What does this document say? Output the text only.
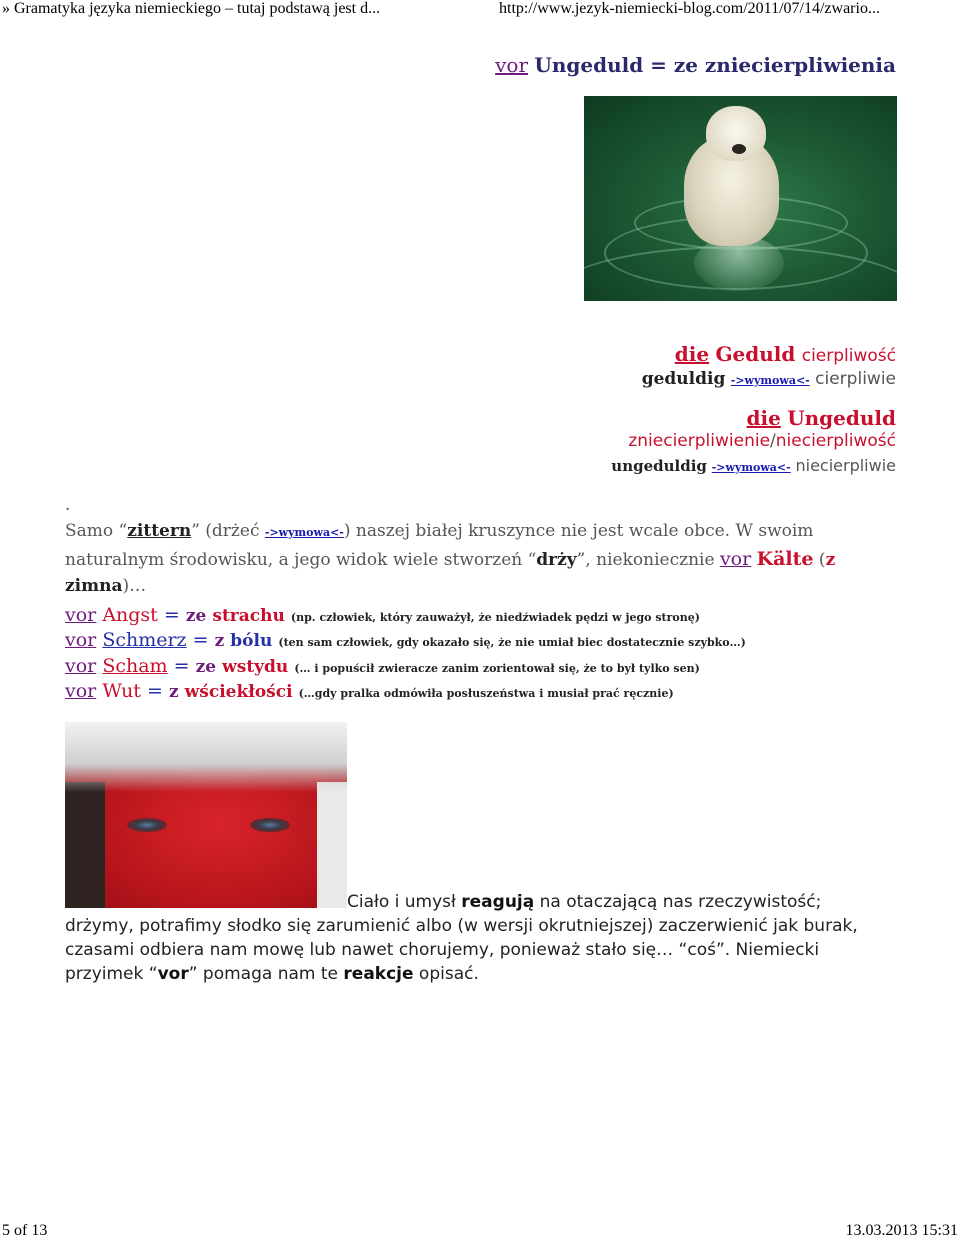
» Gramatyka języka niemieckiego – tutaj podstawą jest d...	http://www.jezyk-niemiecki-blog.com/2011/07/14/zwario...
vor Ungeduld = ze zniecierpliwienia
die Geduld cierpliwość
geduldig ->wymowa<- cierpliwie
die Ungeduld
zniecierpliwienie/niecierpliwość
ungeduldig ->wymowa<- niecierpliwie
.
Samo “zittern” (drżeć ->wymowa<-) naszej białej kruszynce nie jest wcale obce. W swoim naturalnym środowisku, a jego widok wiele stworzeń “drży”, niekoniecznie vor Kälte (z
zimna)…
vor Angst = ze strachu (np. człowiek, który zauważył, że niedźwiadek pędzi w jego stronę)
vor Schmerz = z bólu (ten sam człowiek, gdy okazało się, że nie umiał biec dostatecznie szybko…)
vor Scham = ze wstydu (… i popuścił zwieracze zanim zorientował się, że to był tylko sen)
vor Wut = z wściekłości (…gdy pralka odmówiła posłuszeństwa i musiał prać ręcznie)
Ciało i umysł reagują na otaczającą nas rzeczywistość; drżymy, potrafimy słodko się zarumienić albo (w wersji okrutniejszej) zaczerwienić jak burak, czasami odbiera nam mowę lub nawet chorujemy, ponieważ stało się… “coś”. Niemiecki przyimek “vor” pomaga nam te reakcje opisać.
5 of 13	13.03.2013 15:31
